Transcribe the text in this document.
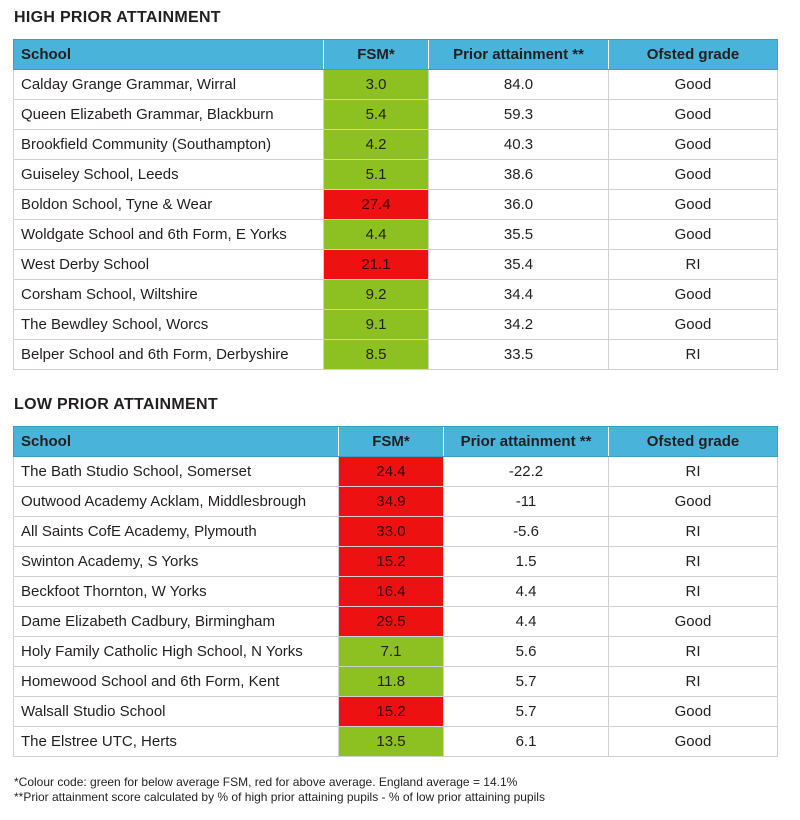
HIGH PRIOR ATTAINMENT
School	FSM*	Prior attainment **	Ofsted grade
Calday Grange Grammar, Wirral	3.0	84.0	Good
Queen Elizabeth Grammar, Blackburn	5.4	59.3	Good
Brookfield Community (Southampton)	4.2	40.3	Good
Guiseley School, Leeds	5.1	38.6	Good
Boldon School, Tyne & Wear	27.4	36.0	Good
Woldgate School and 6th Form, E Yorks	4.4	35.5	Good
West Derby School	21.1	35.4	RI
Corsham School, Wiltshire	9.2	34.4	Good
The Bewdley School, Worcs	9.1	34.2	Good
Belper School and 6th Form, Derbyshire	8.5	33.5	RI
LOW PRIOR ATTAINMENT
School	FSM*	Prior attainment **	Ofsted grade
The Bath Studio School, Somerset	24.4	-22.2	RI
Outwood Academy Acklam, Middlesbrough	34.9	-11	Good
All Saints CofE Academy, Plymouth	33.0	-5.6	RI
Swinton Academy, S Yorks	15.2	1.5	RI
Beckfoot Thornton, W Yorks	16.4	4.4	RI
Dame Elizabeth Cadbury, Birmingham	29.5	4.4	Good
Holy Family Catholic High School, N Yorks	7.1	5.6	RI
Homewood School and 6th Form, Kent	11.8	5.7	RI
Walsall Studio School	15.2	5.7	Good
The Elstree UTC, Herts	13.5	6.1	Good
*Colour code: green for below average FSM, red for above average. England average = 14.1%
**Prior attainment score calculated by % of high prior attaining pupils - % of low prior attaining pupils
